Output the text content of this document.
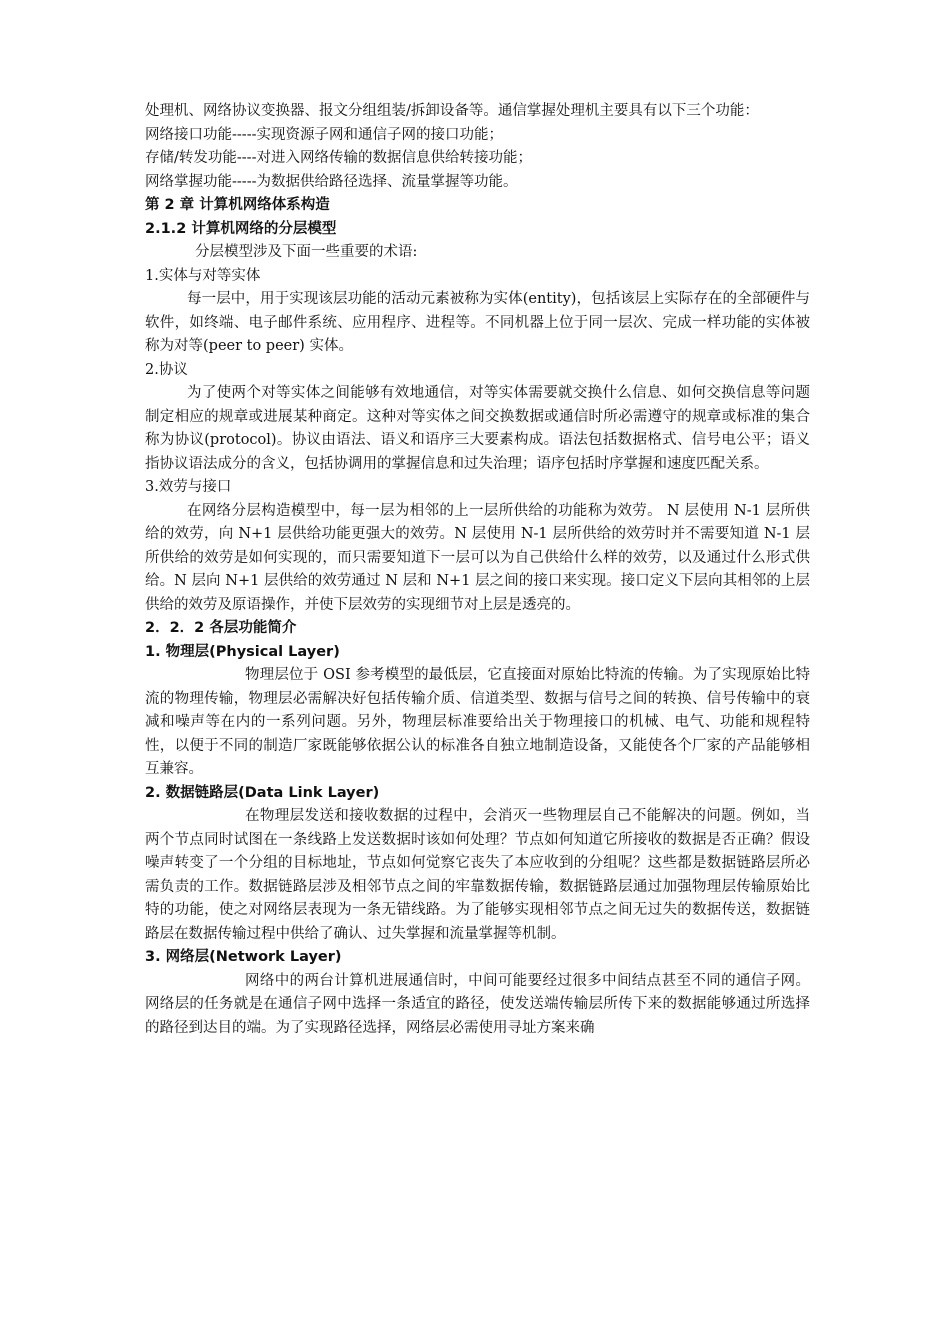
处理机、网络协议变换器、报文分组组装/拆卸设备等。通信掌握处理机主要具有以下三个功能：

网络接口功能-----实现资源子网和通信子网的接口功能；

存储/转发功能----对进入网络传输的数据信息供给转接功能；

网络掌握功能-----为数据供给路径选择、流量掌握等功能。

第 2 章 计算机网络体系构造

2.1.2 计算机网络的分层模型

分层模型涉及下面一些重要的术语:

1.实体与对等实体

每一层中，用于实现该层功能的活动元素被称为实体(entity)，包括该层上实际存在的全部硬件与软件，如终端、电子邮件系统、应用程序、进程等。不同机器上位于同一层次、完成一样功能的实体被称为对等(peer to peer) 实体。

2.协议

为了使两个对等实体之间能够有效地通信，对等实体需要就交换什么信息、如何交换信息等问题制定相应的规章或进展某种商定。这种对等实体之间交换数据或通信时所必需遵守的规章或标准的集合称为协议(protocol)。协议由语法、语义和语序三大要素构成。语法包括数据格式、信号电公平；语义指协议语法成分的含义，包括协调用的掌握信息和过失治理；语序包括时序掌握和速度匹配关系。

3.效劳与接口

在网络分层构造模型中，每一层为相邻的上一层所供给的功能称为效劳。 N 层使用 N-1 层所供给的效劳，向 N+1 层供给功能更强大的效劳。N 层使用 N-1 层所供给的效劳时并不需要知道 N-1 层所供给的效劳是如何实现的，而只需要知道下一层可以为自己供给什么样的效劳，以及通过什么形式供给。N 层向 N+1 层供给的效劳通过 N 层和 N+1 层之间的接口来实现。接口定义下层向其相邻的上层供给的效劳及原语操作，并使下层效劳的实现细节对上层是透亮的。

2．2．2 各层功能简介

1. 物理层(Physical Layer)

物理层位于 OSI 参考模型的最低层，它直接面对原始比特流的传输。为了实现原始比特流的物理传输，物理层必需解决好包括传输介质、信道类型、数据与信号之间的转换、信号传输中的衰减和噪声等在内的一系列问题。另外，物理层标准要给出关于物理接口的机械、电气、功能和规程特性，以便于不同的制造厂家既能够依据公认的标准各自独立地制造设备，又能使各个厂家的产品能够相互兼容。

2. 数据链路层(Data Link Layer)

在物理层发送和接收数据的过程中，会消灭一些物理层自己不能解决的问题。例如，当两个节点同时试图在一条线路上发送数据时该如何处理？节点如何知道它所接收的数据是否正确？假设噪声转变了一个分组的目标地址，节点如何觉察它丧失了本应收到的分组呢？这些都是数据链路层所必需负责的工作。数据链路层涉及相邻节点之间的牢靠数据传输，数据链路层通过加强物理层传输原始比特的功能，使之对网络层表现为一条无错线路。为了能够实现相邻节点之间无过失的数据传送，数据链路层在数据传输过程中供给了确认、过失掌握和流量掌握等机制。

3. 网络层(Network Layer)

网络中的两台计算机进展通信时，中间可能要经过很多中间结点甚至不同的通信子网。网络层的任务就是在通信子网中选择一条适宜的路径，使发送端传输层所传下来的数据能够通过所选择的路径到达目的端。为了实现路径选择，网络层必需使用寻址方案来确
